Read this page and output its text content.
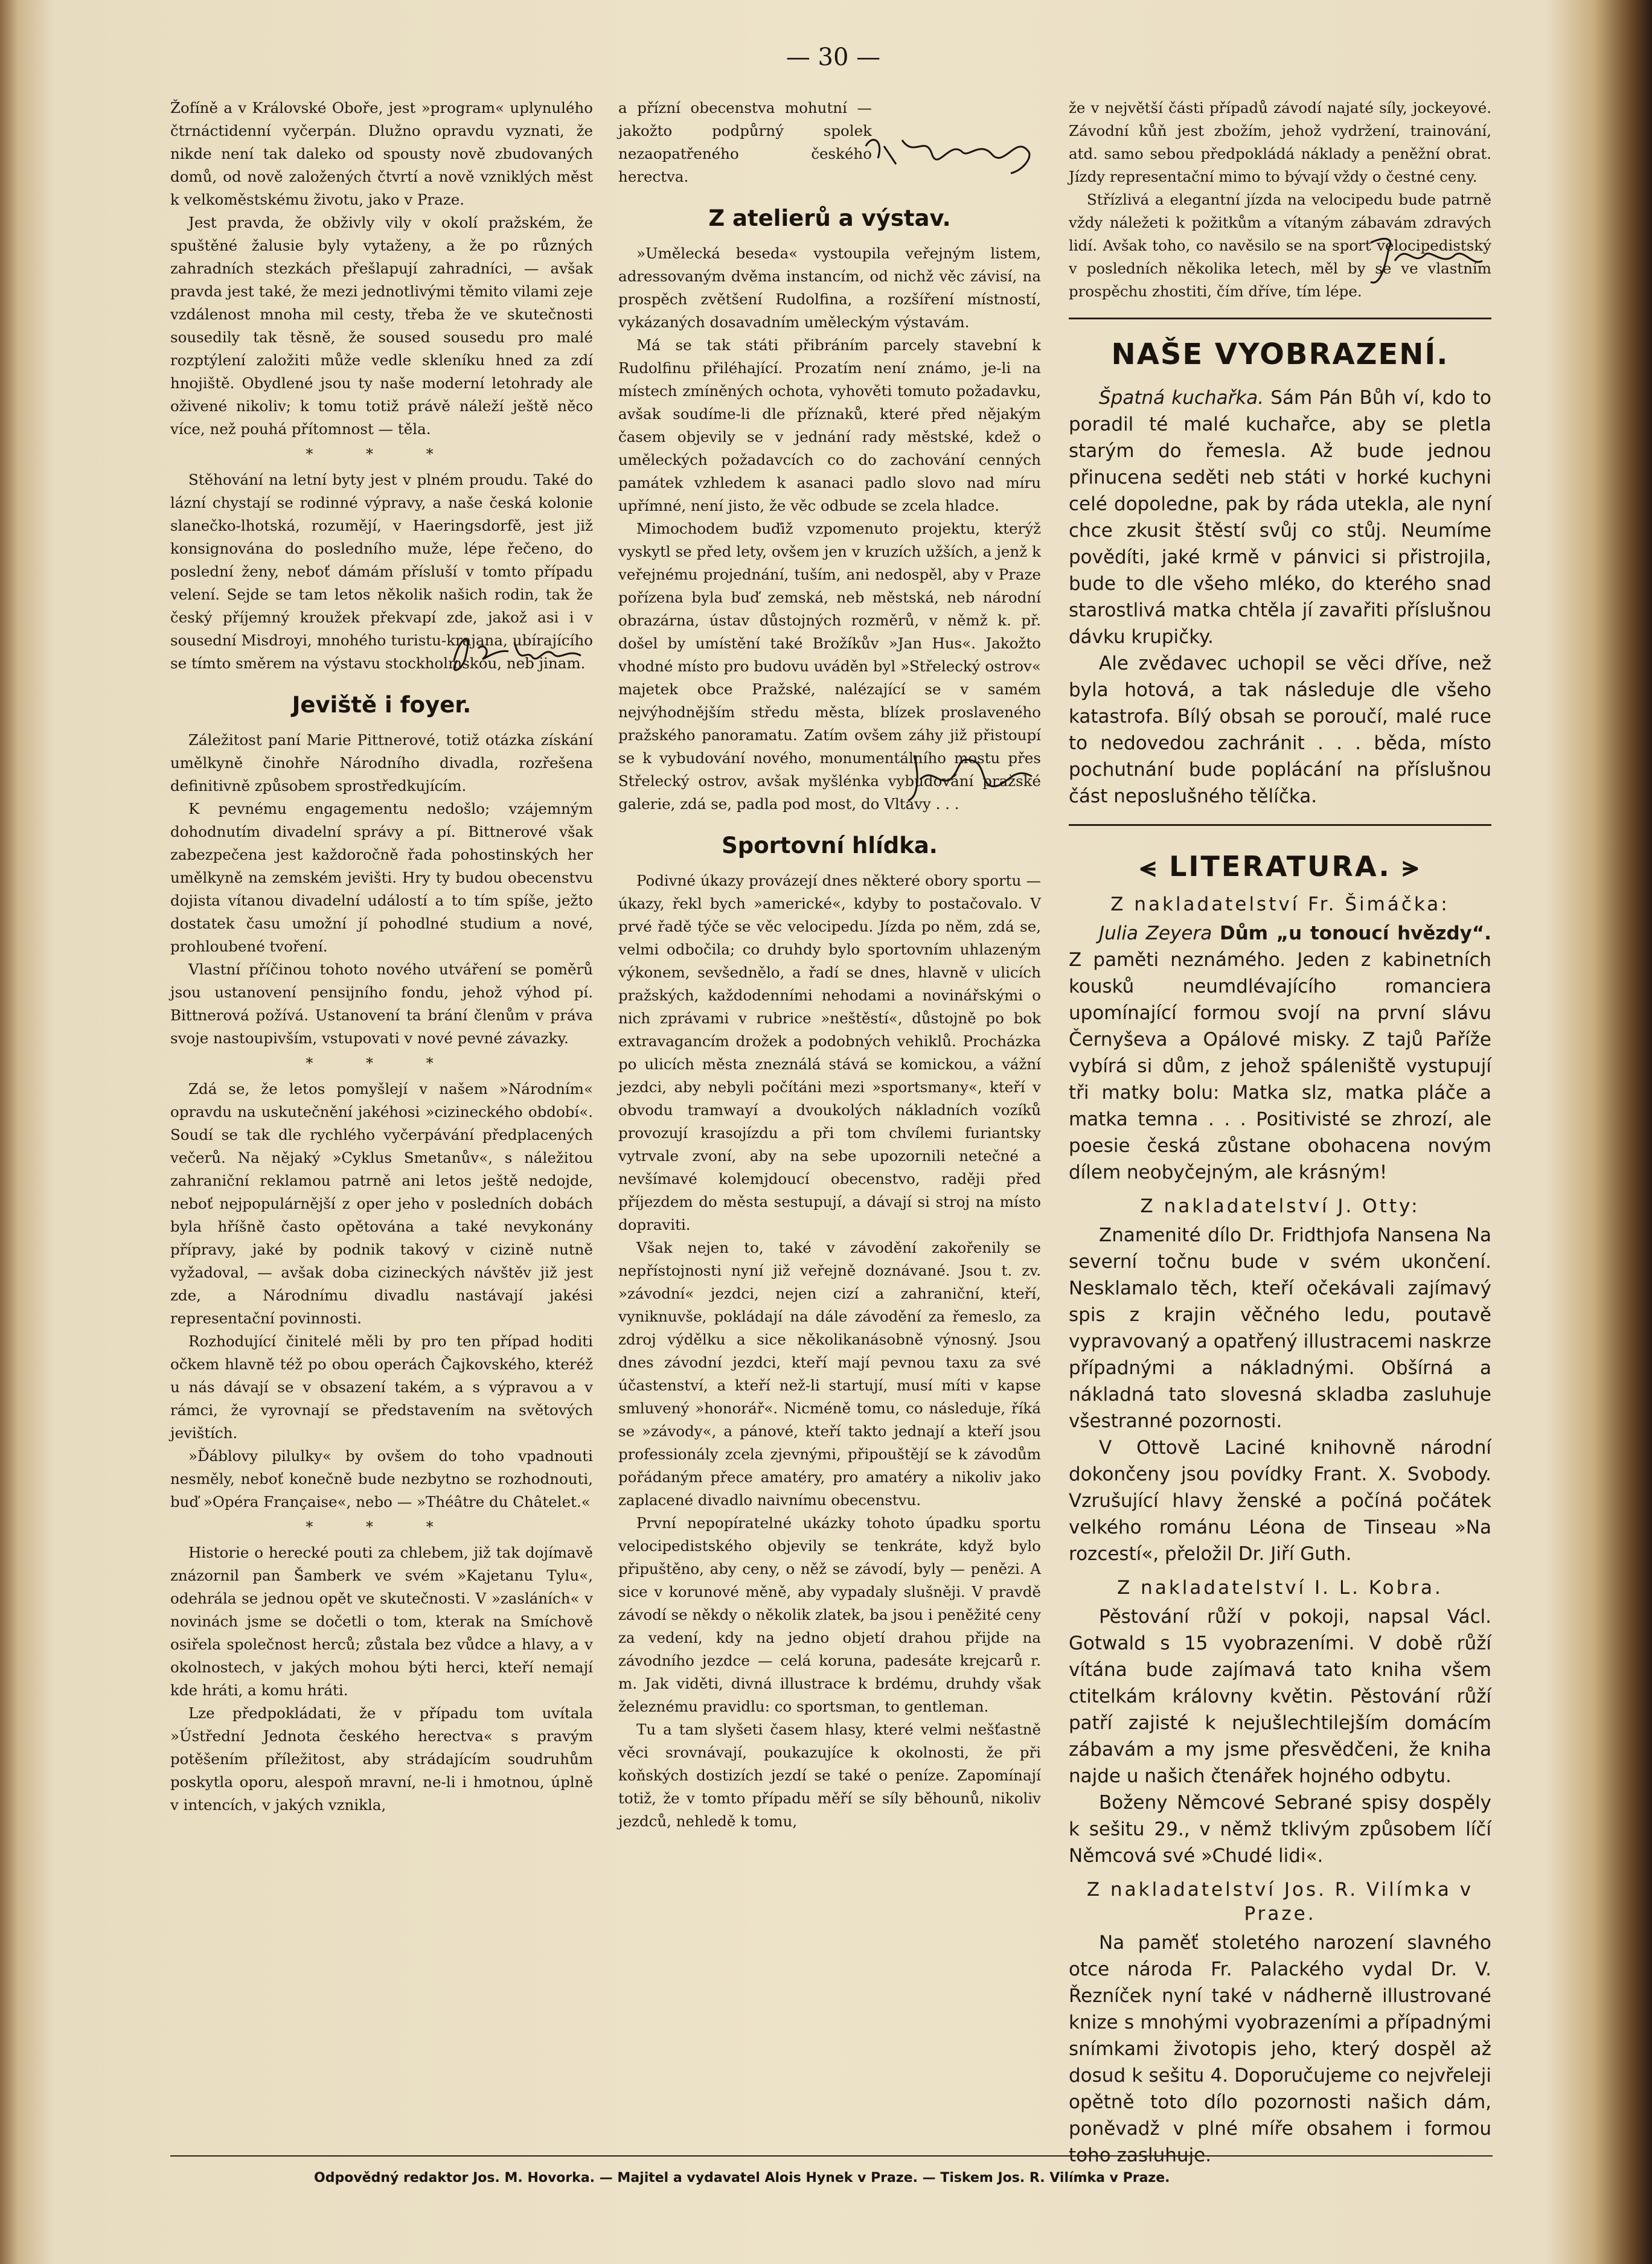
— 30 —

Žofíně a v Královské Oboře, jest »program« uplynulého čtrnáctidenní vyčerpán. Dlužno opravdu vyznati, že nikde není tak daleko od spousty nově zbudovaných domů, od nově založených čtvrtí a nově vzniklých měst k velkoměstskému životu, jako v Praze.

Jest pravda, že obživly vily v okolí pražském, že spuštěné žalusie byly vytaženy, a že po různých zahradních stezkách přešlapují zahradníci, — avšak pravda jest také, že mezi jednotlivými těmito vilami zeje vzdálenost mnoha mil cesty, třeba že ve skutečnosti sousedily tak těsně, že soused sousedu pro malé rozptýlení založiti může vedle skleníku hned za zdí hnojiště. Obydlené jsou ty naše moderní letohrady ale oživené nikoliv; k tomu totiž právě náleží ještě něco více, než pouhá přítomnost — těla.

* * *

Stěhování na letní byty jest v plném proudu. Také do lázní chystají se rodinné výpravy, a naše česká kolonie slanečko-lhotská, rozumějí, v Haeringsdorfě, jest již konsignována do posledního muže, lépe řečeno, do poslední ženy, neboť dámám přísluší v tomto případu velení. Sejde se tam letos několik našich rodin, tak že český příjemný kroužek překvapí zde, jakož asi i v sousední Misdroyi, mnohého turistu-krajana, ubírajícího se tímto směrem na výstavu stockholmskou, neb jinam.

Jeviště i foyer.

Záležitost paní Marie Pittnerové, totiž otázka získání umělkyně činohře Národního divadla, rozřešena definitivně způsobem sprostředkujícím.

K pevnému engagementu nedošlo; vzájemným dohodnutím divadelní správy a pí. Bittnerové však zabezpečena jest každoročně řada pohostinských her umělkyně na zemském jevišti. Hry ty budou obecenstvu dojista vítanou divadelní událostí a to tím spíše, ježto dostatek času umožní jí pohodlné studium a nové, prohloubené tvoření.

Vlastní příčinou tohoto nového utváření se poměrů jsou ustanovení pensijního fondu, jehož výhod pí. Bittnerová požívá. Ustanovení ta brání členům v práva svoje nastoupivším, vstupovati v nové pevné závazky.

* * *

Zdá se, že letos pomyšlejí v našem »Národním« opravdu na uskutečnění jakéhosi »cizineckého období«. Soudí se tak dle rychlého vyčerpávání předplacených večerů. Na nějaký »Cyklus Smetanův«, s náležitou zahraniční reklamou patrně ani letos ještě nedojde, neboť nejpopulárnější z oper jeho v posledních dobách byla hříšně často opětována a také nevykonány přípravy, jaké by podnik takový v cizině nutně vyžadoval, — avšak doba cizineckých návštěv již jest zde, a Národnímu divadlu nastávají jakési representační povinnosti.

Rozhodující činitelé měli by pro ten případ hoditi očkem hlavně též po obou operách Čajkovského, kteréž u nás dávají se v obsazení takém, a s výpravou a v rámci, že vyrovnají se představením na světových jevištích.

»Ďáblovy pilulky« by ovšem do toho vpadnouti nesměly, neboť konečně bude nezbytno se rozhodnouti, buď »Opéra Française«, nebo — »Théâtre du Châtelet.«

* * *

Historie o herecké pouti za chlebem, již tak dojímavě znázornil pan Šamberk ve svém »Kajetanu Tylu«, odehrála se jednou opět ve skutečnosti. V »zasláních« v novinách jsme se dočetli o tom, kterak na Smíchově osiřela společnost herců; zůstala bez vůdce a hlavy, a v okolnostech, v jakých mohou býti herci, kteří nemají kde hráti, a komu hráti.

Lze předpokládati, že v případu tom uvítala »Ústřední Jednota českého herectva« s pravým potěšením příležitost, aby strádajícím soudruhům poskytla oporu, alespoň mravní, ne-li i hmotnou, úplně v intencích, v jakých vznikla,

a přízní obecenstva mohutní — jakožto podpůrný spolek nezaopatřeného českého herectva.

Z atelierů a výstav.

»Umělecká beseda« vystoupila veřejným listem, adressovaným dvěma instancím, od nichž věc závisí, na prospěch zvětšení Rudolfina, a rozšíření místností, vykázaných dosavadním uměleckým výstavám.

Má se tak státi přibráním parcely stavební k Rudolfinu přiléhající. Prozatím není známo, je-li na místech zmíněných ochota, vyhověti tomuto požadavku, avšak soudíme-li dle příznaků, které před nějakým časem objevily se v jednání rady městské, kdež o uměleckých požadavcích co do zachování cenných památek vzhledem k asanaci padlo slovo nad míru upřímné, není jisto, že věc odbude se zcela hladce.

Mimochodem buďiž vzpomenuto projektu, kterýž vyskytl se před lety, ovšem jen v kruzích užších, a jenž k veřejnému projednání, tuším, ani nedospěl, aby v Praze pořízena byla buď zemská, neb městská, neb národní obrazárna, ústav důstojných rozměrů, v němž k. př. došel by umístění také Brožíkův »Jan Hus«. Jakožto vhodné místo pro budovu uváděn byl »Střelecký ostrov« majetek obce Pražské, nalézající se v samém nejvýhodnějším středu města, blízek proslaveného pražského panoramatu. Zatím ovšem záhy již přistoupí se k vybudování nového, monumentálního mostu přes Střelecký ostrov, avšak myšlénka vybudování pražské galerie, zdá se, padla pod most, do Vltavy . . .

Sportovní hlídka.

Podivné úkazy provázejí dnes některé obory sportu — úkazy, řekl bych »americké«, kdyby to postačovalo. V prvé řadě týče se věc velocipedu. Jízda po něm, zdá se, velmi odbočila; co druhdy bylo sportovním uhlazeným výkonem, sevšednělo, a řadí se dnes, hlavně v ulicích pražských, každodenními nehodami a novinářskými o nich zprávami v rubrice »neštěstí«, důstojně po bok extravagancím drožek a podobných vehiklů. Procházka po ulicích města zneználá stává se komickou, a vážní jezdci, aby nebyli počítáni mezi »sportsmany«, kteří v obvodu tramwayí a dvoukolých nákladních vozíků provozují krasojízdu a při tom chvílemi furiantsky vytrvale zvoní, aby na sebe upozornili netečné a nevšímavé kolemjdoucí obecenstvo, raději před příjezdem do města sestupují, a dávají si stroj na místo dopraviti.

Však nejen to, také v závodění zakořenily se nepřístojnosti nyní již veřejně doznávané. Jsou t. zv. »závodní« jezdci, nejen cizí a zahraniční, kteří, vyniknuvše, pokládají na dále závodění za řemeslo, za zdroj výdělku a sice několikanásobně výnosný. Jsou dnes závodní jezdci, kteří mají pevnou taxu za své účastenství, a kteří než-li startují, musí míti v kapse smluvený »honorář«. Nicméně tomu, co následuje, říká se »závody«, a pánové, kteří takto jednají a kteří jsou professionály zcela zjevnými, připouštějí se k závodům pořádaným přece amatéry, pro amatéry a nikoliv jako zaplacené divadlo naivnímu obecenstvu.

První nepopíratelné ukázky tohoto úpadku sportu velocipedistského objevily se tenkráte, když bylo připuštěno, aby ceny, o něž se závodí, byly — penězi. A sice v korunové měně, aby vypadaly slušněji. V pravdě závodí se někdy o několik zlatek, ba jsou i peněžité ceny za vedení, kdy na jedno objetí drahou přijde na závodního jezdce — celá koruna, padesáte krejcarů r. m. Jak viděti, divná illustrace k brdému, druhdy však železnému pravidlu: co sportsman, to gentleman.

Tu a tam slyšeti časem hlasy, které velmi nešťastně věci srovnávají, poukazujíce k okolnosti, že při koňských dostizích jezdí se také o peníze. Zapomínají totiž, že v tomto případu měří se síly běhounů, nikoliv jezdců, nehledě k tomu,

že v největší části případů závodí najaté síly, jockeyové. Závodní kůň jest zbožím, jehož vydržení, trainování, atd. samo sebou předpokládá náklady a peněžní obrat. Jízdy representační mimo to bývají vždy o čestné ceny.

Střízlivá a elegantní jízda na velocipedu bude patrně vždy náležeti k požitkům a vítaným zábavám zdravých lidí. Avšak toho, co navěsilo se na sport velocipedistský v posledních několika letech, měl by se ve vlastním prospěchu zhostiti, čím dříve, tím lépe.

NAŠE VYOBRAZENÍ.

Špatná kuchařka. Sám Pán Bůh ví, kdo to poradil té malé kuchařce, aby se pletla starým do řemesla. Až bude jednou přinucena seděti neb státi v horké kuchyni celé dopoledne, pak by ráda utekla, ale nyní chce zkusit štěstí svůj co stůj. Neumíme povědíti, jaké krmě v pánvici si přistrojila, bude to dle všeho mléko, do kterého snad starostlivá matka chtěla jí zavařiti příslušnou dávku krupičky.

Ale zvědavec uchopil se věci dříve, než byla hotová, a tak následuje dle všeho katastrofa. Bílý obsah se poroučí, malé ruce to nedovedou zachránit . . . běda, místo pochutnání bude poplácání na příslušnou část neposlušného tělíčka.

⪪ LITERATURA. ⪫
Z nakladatelství Fr. Šimáčka:

Julia Zeyera Dům „u tonoucí hvězdy“. Z paměti neznámého. Jeden z kabinetních kousků neumdlévajícího romanciera upomínající formou svojí na první slávu Černyševa a Opálové misky. Z tajů Paříže vybírá si dům, z jehož spáleniště vystupují tři matky bolu: Matka slz, matka pláče a matka temna . . . Positivisté se zhrozí, ale poesie česká zůstane obohacena novým dílem neobyčejným, ale krásným!

Z nakladatelství J. Otty:

Znamenité dílo Dr. Fridthjofa Nansena Na severní točnu bude v svém ukončení. Nesklamalo těch, kteří očekávali zajímavý spis z krajin věčného ledu, poutavě vypravovaný a opatřený illustracemi naskrze případnými a nákladnými. Obšírná a nákladná tato slovesná skladba zasluhuje všestranné pozornosti.

V Ottově Laciné knihovně národní dokončeny jsou povídky Frant. X. Svobody. Vzrušující hlavy ženské a počíná počátek velkého románu Léona de Tinseau »Na rozcestí«, přeložil Dr. Jiří Guth.

Z nakladatelství I. L. Kobra.

Pěstování růží v pokoji, napsal Václ. Gotwald s 15 vyobrazeními. V době růží vítána bude zajímavá tato kniha všem ctitelkám královny květin. Pěstování růží patří zajisté k nejušlechtilejším domácím zábavám a my jsme přesvědčeni, že kniha najde u našich čtenářek hojného odbytu.

Boženy Němcové Sebrané spisy dospěly k sešitu 29., v němž tklivým způsobem líčí Němcová své »Chudé lidi«.

Z nakladatelství Jos. R. Vilímka v Praze.

Na paměť stoletého narození slavného otce národa Fr. Palackého vydal Dr. V. Řezníček nyní také v nádherně illustrované knize s mnohými vyobrazeními a případnými snímkami životopis jeho, který dospěl až dosud k sešitu 4. Doporučujeme co nejvřeleji opětně toto dílo pozornosti našich dám, poněvadž v plné míře obsahem i formou toho zasluhuje.

Odpovědný redaktor Jos. M. Hovorka. — Majitel a vydavatel Alois Hynek v Praze. — Tiskem Jos. R. Vilímka v Praze.
